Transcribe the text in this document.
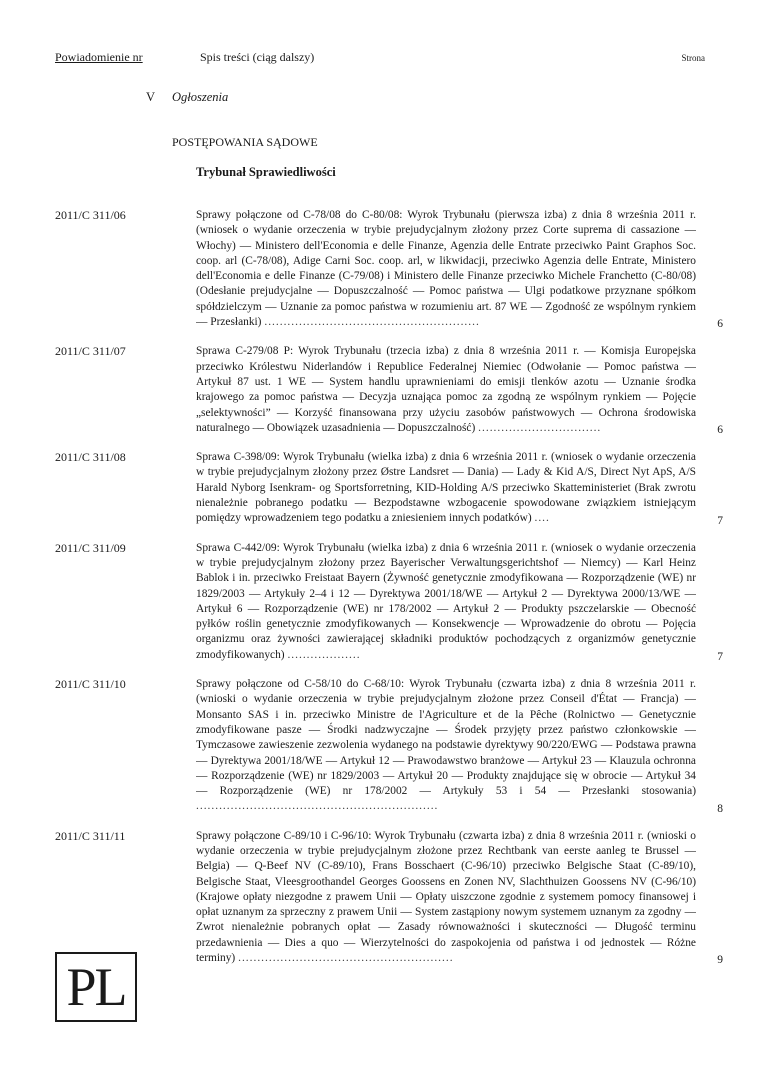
Powiadomienie nr	Spis treści (ciąg dalszy)	Strona
V Ogłoszenia
POSTĘPOWANIA SĄDOWE
Trybunał Sprawiedliwości
2011/C 311/06	Sprawy połączone od C-78/08 do C-80/08: Wyrok Trybunału (pierwsza izba) z dnia 8 września 2011 r. (wniosek o wydanie orzeczenia w trybie prejudycjalnym złożony przez Corte suprema di cassazione — Włochy) — Ministero dell'Economia e delle Finanze, Agenzia delle Entrate przeciwko Paint Graphos Soc. coop. arl (C-78/08), Adige Carni Soc. coop. arl, w likwidacji, przeciwko Agenzia delle Entrate, Ministero dell'Economia e delle Finanze (C-79/08) i Ministero delle Finanze przeciwko Michele Franchetto (C-80/08) (Odesłanie prejudycjalne — Dopuszczalność — Pomoc państwa — Ulgi podatkowe przyznane spółkom spółdzielczym — Uznanie za pomoc państwa w rozumieniu art. 87 WE — Zgodność ze wspólnym rynkiem — Przesłanki) ........................................................	6
2011/C 311/07	Sprawa C-279/08 P: Wyrok Trybunału (trzecia izba) z dnia 8 września 2011 r. — Komisja Europejska przeciwko Królestwu Niderlandów i Republice Federalnej Niemiec (Odwołanie — Pomoc państwa — Artykuł 87 ust. 1 WE — System handlu uprawnieniami do emisji tlenków azotu — Uznanie środka krajowego za pomoc państwa — Decyzja uznająca pomoc za zgodną ze wspólnym rynkiem — Pojęcie „selektywności” — Korzyść finansowana przy użyciu zasobów państwowych — Ochrona środowiska naturalnego — Obowiązek uzasadnienia — Dopuszczalność) ................................	6
2011/C 311/08	Sprawa C-398/09: Wyrok Trybunału (wielka izba) z dnia 6 września 2011 r. (wniosek o wydanie orzeczenia w trybie prejudycjalnym złożony przez Østre Landsret — Dania) — Lady & Kid A/S, Direct Nyt ApS, A/S Harald Nyborg Isenkram- og Sportsforretning, KID-Holding A/S przeciwko Skatteministeriet (Brak zwrotu nienależnie pobranego podatku — Bezpodstawne wzbogacenie spowodowane związkiem istniejącym pomiędzy wprowadzeniem tego podatku a zniesieniem innych podatków) ....	7
2011/C 311/09	Sprawa C-442/09: Wyrok Trybunału (wielka izba) z dnia 6 września 2011 r. (wniosek o wydanie orzeczenia w trybie prejudycjalnym złożony przez Bayerischer Verwaltungsgerichtshof — Niemcy) — Karl Heinz Bablok i in. przeciwko Freistaat Bayern (Żywność genetycznie zmodyfikowana — Rozporządzenie (WE) nr 1829/2003 — Artykuły 2–4 i 12 — Dyrektywa 2001/18/WE — Artykuł 2 — Dyrektywa 2000/13/WE — Artykuł 6 — Rozporządzenie (WE) nr 178/2002 — Artykuł 2 — Produkty pszczelarskie — Obecność pyłków roślin genetycznie zmodyfikowanych — Konsekwencje — Wprowadzenie do obrotu — Pojęcia organizmu oraz żywności zawierającej składniki produktów pochodzących z organizmów genetycznie zmodyfikowanych) ...................	7
2011/C 311/10	Sprawy połączone od C-58/10 do C-68/10: Wyrok Trybunału (czwarta izba) z dnia 8 września 2011 r. (wnioski o wydanie orzeczenia w trybie prejudycjalnym złożone przez Conseil d'État — Francja) — Monsanto SAS i in. przeciwko Ministre de l'Agriculture et de la Pêche (Rolnictwo — Genetycznie zmodyfikowane pasze — Środki nadzwyczajne — Środek przyjęty przez państwo członkowskie — Tymczasowe zawieszenie zezwolenia wydanego na podstawie dyrektywy 90/220/EWG — Podstawa prawna — Dyrektywa 2001/18/WE — Artykuł 12 — Prawodawstwo branżowe — Artykuł 23 — Klauzula ochronna — Rozporządzenie (WE) nr 1829/2003 — Artykuł 20 — Produkty znajdujące się w obrocie — Artykuł 34 — Rozporządzenie (WE) nr 178/2002 — Artykuły 53 i 54 — Przesłanki stosowania) ...............................................................	8
2011/C 311/11	Sprawy połączone C-89/10 i C-96/10: Wyrok Trybunału (czwarta izba) z dnia 8 września 2011 r. (wnioski o wydanie orzeczenia w trybie prejudycjalnym złożone przez Rechtbank van eerste aanleg te Brussel — Belgia) — Q-Beef NV (C-89/10), Frans Bosschaert (C-96/10) przeciwko Belgische Staat (C-89/10), Belgische Staat, Vleesgroothandel Georges Goossens en Zonen NV, Slachthuizen Goossens NV (C-96/10) (Krajowe opłaty niezgodne z prawem Unii — Opłaty uiszczone zgodnie z systemem pomocy finansowej i opłat uznanym za sprzeczny z prawem Unii — System zastąpiony nowym systemem uznanym za zgodny — Zwrot nienależnie pobranych opłat — Zasady równoważności i skuteczności — Długość terminu przedawnienia — Dies a quo — Wierzytelności do zaspokojenia od państwa i od jednostek — Różne terminy) ........................................................	9
PL
